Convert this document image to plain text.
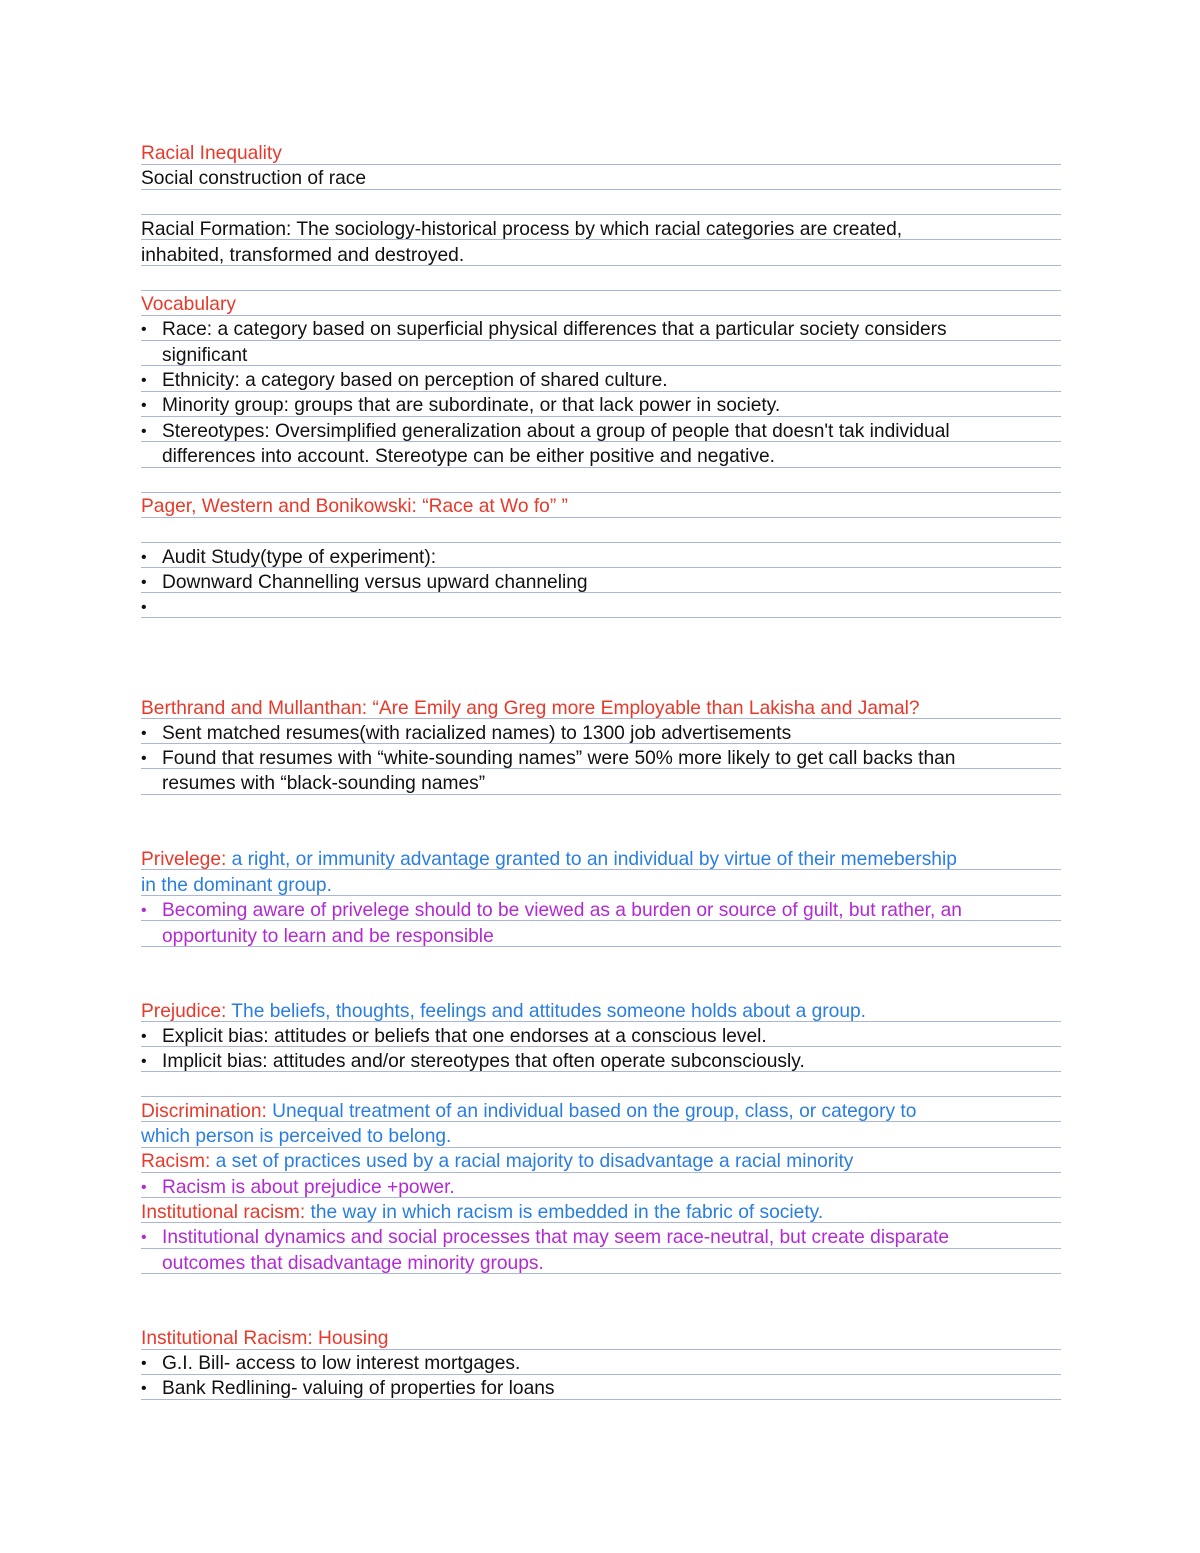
Racial Inequality
Social construction of race
Racial Formation: The sociology-historical process by which racial categories are created,
inhabited, transformed and destroyed.
Vocabulary
• Race: a category based on superficial physical differences that a particular society considers
significant
• Ethnicity: a category based on perception of shared culture.
• Minority group: groups that are subordinate, or that lack power in society.
• Stereotypes: Oversimplified generalization about a group of people that doesn't tak individual
differences into account. Stereotype can be either positive and negative.
Pager, Western and Bonikowski: “Race at Wo fo” ”
• Audit Study(type of experiment):
• Downward Channelling versus upward channeling
•
Berthrand and Mullanthan: “Are Emily ang Greg more Employable than Lakisha and Jamal?
• Sent matched resumes(with racialized names) to 1300 job advertisements
• Found that resumes with “white-sounding names” were 50% more likely to get call backs than
resumes with “black-sounding names”
Privelege: a right, or immunity advantage granted to an individual by virtue of their memebership
in the dominant group.
• Becoming aware of privelege should to be viewed as a burden or source of guilt, but rather, an
opportunity to learn and be responsible
Prejudice: The beliefs, thoughts, feelings and attitudes someone holds about a group.
• Explicit bias: attitudes or beliefs that one endorses at a conscious level.
• Implicit bias: attitudes and/or stereotypes that often operate subconsciously.
Discrimination: Unequal treatment of an individual based on the group, class, or category to
which person is perceived to belong.
Racism: a set of practices used by a racial majority to disadvantage a racial minority
• Racism is about prejudice +power.
Institutional racism: the way in which racism is embedded in the fabric of society.
• Institutional dynamics and social processes that may seem race-neutral, but create disparate
outcomes that disadvantage minority groups.
Institutional Racism: Housing
• G.I. Bill- access to low interest mortgages.
• Bank Redlining- valuing of properties for loans
